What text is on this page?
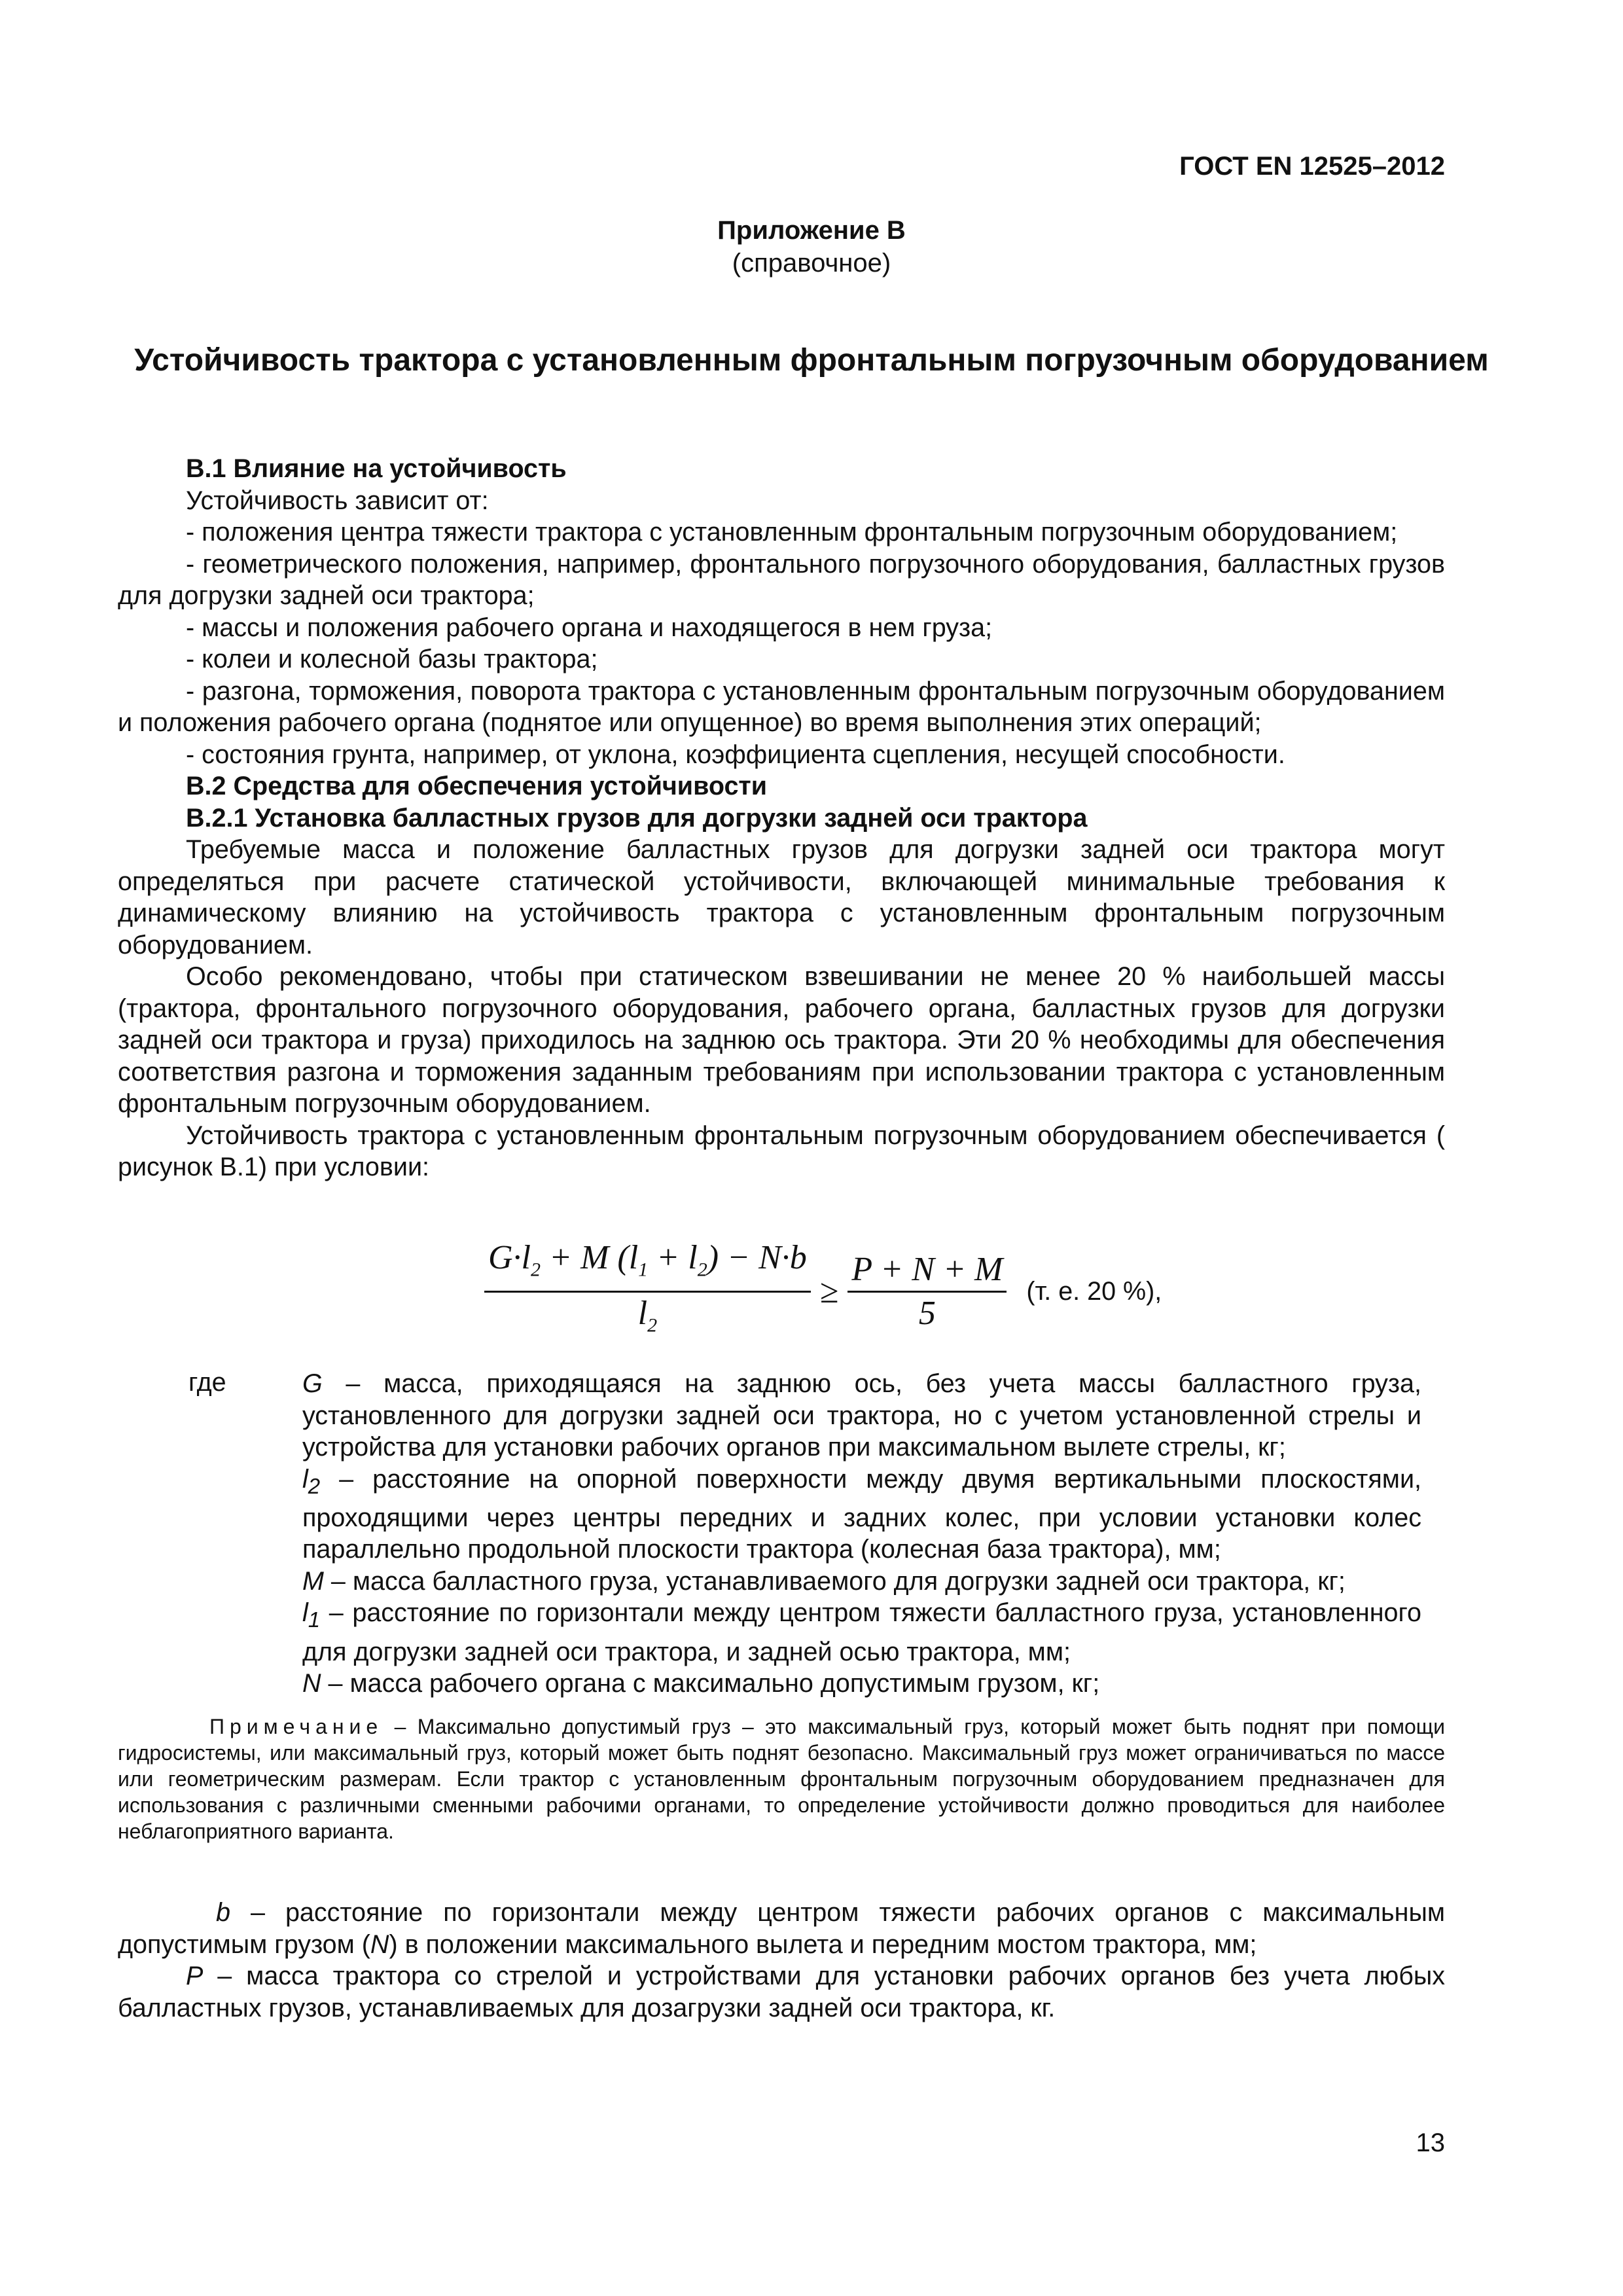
ГОСТ EN 12525–2012
Приложение В
(справочное)
Устойчивость трактора с установленным фронтальным погрузочным оборудованием

В.1 Влияние на устойчивость

Устойчивость зависит от:

- положения центра тяжести трактора с установленным фронтальным погрузочным оборудованием;

- геометрического положения, например, фронтального погрузочного оборудования, балластных грузов для догрузки задней оси трактора;

- массы и положения рабочего органа и находящегося в нем груза;

- колеи и колесной базы трактора;

- разгона, торможения, поворота трактора с установленным фронтальным погрузочным оборудованием и положения рабочего органа (поднятое или опущенное) во время выполнения этих операций;

- состояния грунта, например, от уклона, коэффициента сцепления, несущей способности.

В.2 Средства для обеспечения устойчивости

В.2.1 Установка балластных грузов для догрузки задней оси трактора

Требуемые масса и положение балластных грузов для догрузки задней оси трактора могут определяться при расчете статической устойчивости, включающей минимальные требования к динамическому влиянию на устойчивость трактора с установленным фронтальным погрузочным оборудованием.

Особо рекомендовано, чтобы при статическом взвешивании не менее 20 % наибольшей массы (трактора, фронтального погрузочного оборудования, рабочего органа, балластных грузов для догрузки задней оси трактора и груза) приходилось на заднюю ось трактора. Эти 20 % необходимы для обеспечения соответствия разгона и торможения заданным требованиям при использовании трактора с установленным фронтальным погрузочным оборудованием.

Устойчивость трактора с установленным фронтальным погрузочным оборудованием обеспечивается ( рисунок В.1) при условии:

$\frac{G\cdot l_2 + M (l_1 + l_2) - N\cdot b}{l_2} \ge \frac{P + N + M}{5} (т$. е. 20 %),
где	G – масса, приходящаяся на заднюю ось, без учета массы балластного груза, установленного для догрузки задней оси трактора, но с учетом установленной стрелы и устройства для установки рабочих органов при максимальном вылете стрелы, кг;

$l_2$ – расстояние на опорной поверхности между двумя вертикальными плоскостями, проходящими через центры передних и задних колес, при условии установки колес параллельно продольной плоскости трактора (колесная база трактора), мм;

M – масса балластного груза, устанавливаемого для догрузки задней оси трактора, кг;

$l_1$ – расстояние по горизонтали между центром тяжести балластного груза, установленного для догрузки задней оси трактора, и задней осью трактора, мм;

N – масса рабочего органа с максимально допустимым грузом, кг;

Примечание – Максимально допустимый груз – это максимальный груз, который может быть поднят при помощи гидросистемы, или максимальный груз, который может быть поднят безопасно. Максимальный груз может ограничиваться по массе или геометрическим размерам. Если трактор с установленным фронтальным погрузочным оборудованием предназначен для использования с различными сменными рабочими органами, то определение устойчивости должно проводиться для наиболее неблагоприятного варианта.

b – расстояние по горизонтали между центром тяжести рабочих органов с максимальным допустимым грузом (N) в положении максимального вылета и передним мостом трактора, мм;

P – масса трактора со стрелой и устройствами для установки рабочих органов без учета любых балластных грузов, устанавливаемых для дозагрузки задней оси трактора, кг.

13
